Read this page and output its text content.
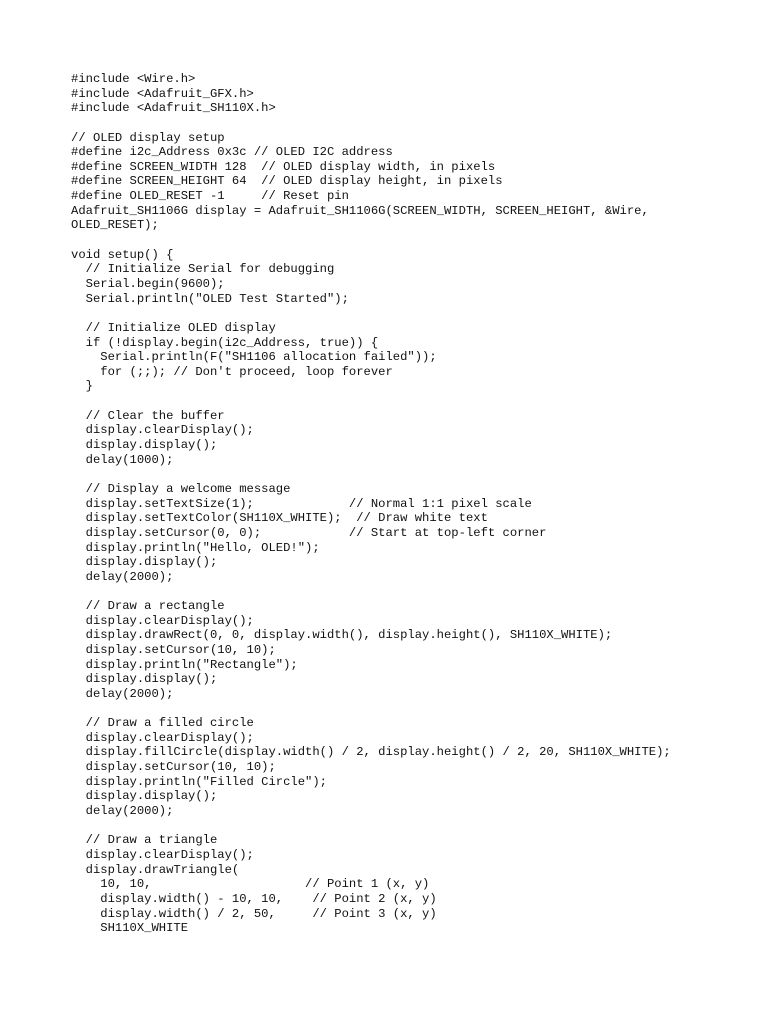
#include <Wire.h>
#include <Adafruit_GFX.h>
#include <Adafruit_SH110X.h>
// OLED display setup
#define i2c_Address 0x3c // OLED I2C address
#define SCREEN_WIDTH 128  // OLED display width, in pixels
#define SCREEN_HEIGHT 64  // OLED display height, in pixels
#define OLED_RESET -1     // Reset pin
Adafruit_SH1106G display = Adafruit_SH1106G(SCREEN_WIDTH, SCREEN_HEIGHT, &Wire,
OLED_RESET);
void setup() {
// Initialize Serial for debugging
Serial.begin(9600);
Serial.println("OLED Test Started");
// Initialize OLED display
if (!display.begin(i2c_Address, true)) {
Serial.println(F("SH1106 allocation failed"));
for (;;); // Don't proceed, loop forever
}
// Clear the buffer
display.clearDisplay();
display.display();
delay(1000);
// Display a welcome message
display.setTextSize(1);             // Normal 1:1 pixel scale
display.setTextColor(SH110X_WHITE);  // Draw white text
display.setCursor(0, 0);            // Start at top-left corner
display.println("Hello, OLED!");
display.display();
delay(2000);
// Draw a rectangle
display.clearDisplay();
display.drawRect(0, 0, display.width(), display.height(), SH110X_WHITE);
display.setCursor(10, 10);
display.println("Rectangle");
display.display();
delay(2000);
// Draw a filled circle
display.clearDisplay();
display.fillCircle(display.width() / 2, display.height() / 2, 20, SH110X_WHITE);
display.setCursor(10, 10);
display.println("Filled Circle");
display.display();
delay(2000);
// Draw a triangle
display.clearDisplay();
display.drawTriangle(
10, 10,                     // Point 1 (x, y)
display.width() - 10, 10,    // Point 2 (x, y)
display.width() / 2, 50,     // Point 3 (x, y)
SH110X_WHITE
